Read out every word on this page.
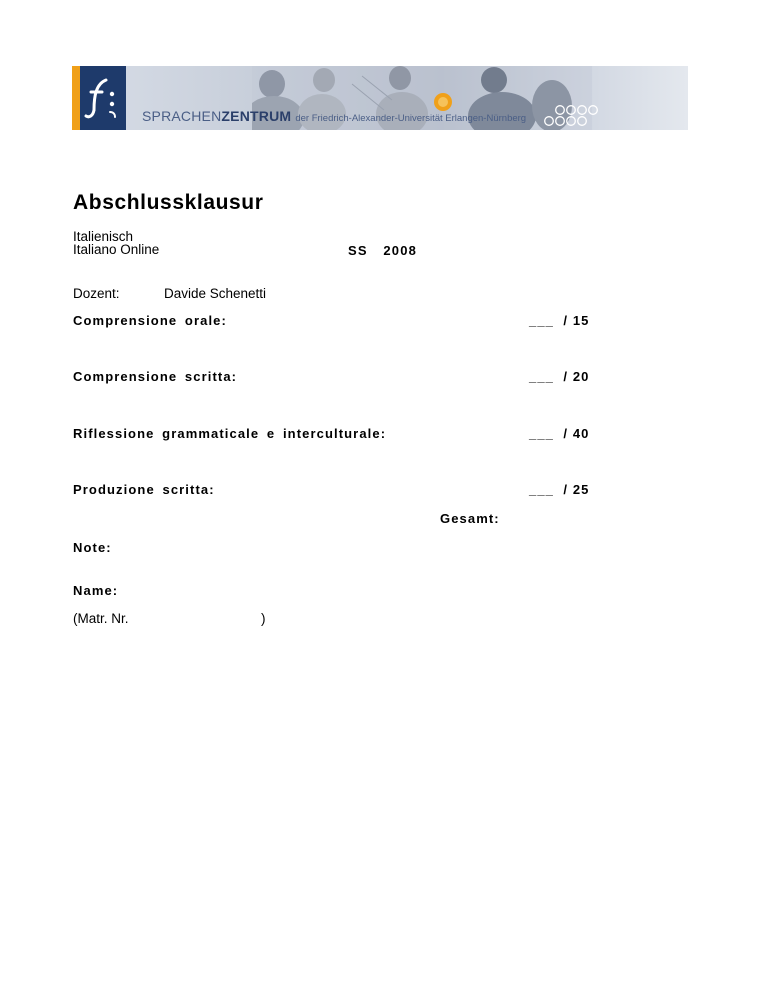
SPRACHENZENTRUM der Friedrich-Alexander-Universität Erlangen-Nürnberg
Abschlussklausur

Italienisch

Italiano Online	SS  2008

Dozent:	Davide Schenetti

Comprensione orale:	___  / 15

Comprensione scritta:	___  / 20

Riflessione grammaticale e interculturale:	___  / 40

Produzione scritta:	___  / 25

Gesamt:

Note:

Name:

(Matr. Nr.	)
